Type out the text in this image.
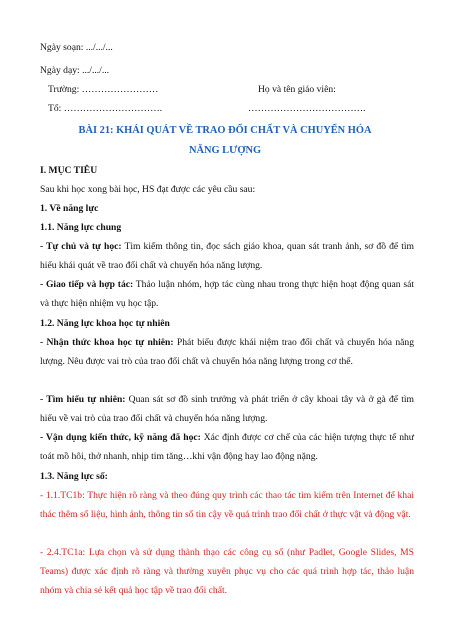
Ngày soạn: .../.../...
Ngày dạy: .../.../...
Trường: ……………………	Họ và tên giáo viên:
Tổ: ………………………….	……………………………….
BÀI 21: KHÁI QUÁT VỀ TRAO ĐỔI CHẤT VÀ CHUYỂN HÓA
NĂNG LƯỢNG
I. MỤC TIÊU
Sau khi học xong bài học, HS đạt được các yêu cầu sau:
1. Về năng lực
1.1. Năng lực chung
- Tự chủ và tự học: Tìm kiếm thông tin, đọc sách giáo khoa, quan sát tranh ảnh, sơ đồ để tìm hiểu khái quát về trao đổi chất và chuyển hóa năng lượng.
- Giao tiếp và hợp tác: Thảo luận nhóm, hợp tác cùng nhau trong thực hiện hoạt động quan sát và thực hiện nhiệm vụ học tập.
1.2. Năng lực khoa học tự nhiên
- Nhận thức khoa học tự nhiên: Phát biểu được khái niệm trao đổi chất và chuyển hóa năng lượng. Nêu được vai trò của trao đổi chất và chuyển hóa năng lượng trong cơ thể.
- Tìm hiểu tự nhiên: Quan sát sơ đồ sinh trưởng và phát triển ở cây khoai tây và ở gà để tìm hiểu về vai trò của trao đổi chất và chuyển hóa năng lượng.
- Vận dụng kiến thức, kỹ năng đã học: Xác định được cơ chế của các hiện tượng thực tế như toát mồ hôi, thở nhanh, nhịp tim tăng…khi vận động hay lao động nặng.
1.3. Năng lực số:
- 1.1.TC1b: Thực hiện rõ ràng và theo đúng quy trình các thao tác tìm kiếm trên Internet để khai thác thêm số liệu, hình ảnh, thông tin số tin cậy về quá trình trao đổi chất ở thực vật và động vật.
- 2.4.TC1a: Lựa chọn và sử dụng thành thạo các công cụ số (như Padlet, Google Slides, MS Teams) được xác định rõ ràng và thường xuyên phục vụ cho các quá trình hợp tác, thảo luận nhóm và chia sẻ kết quả học tập về trao đổi chất.
